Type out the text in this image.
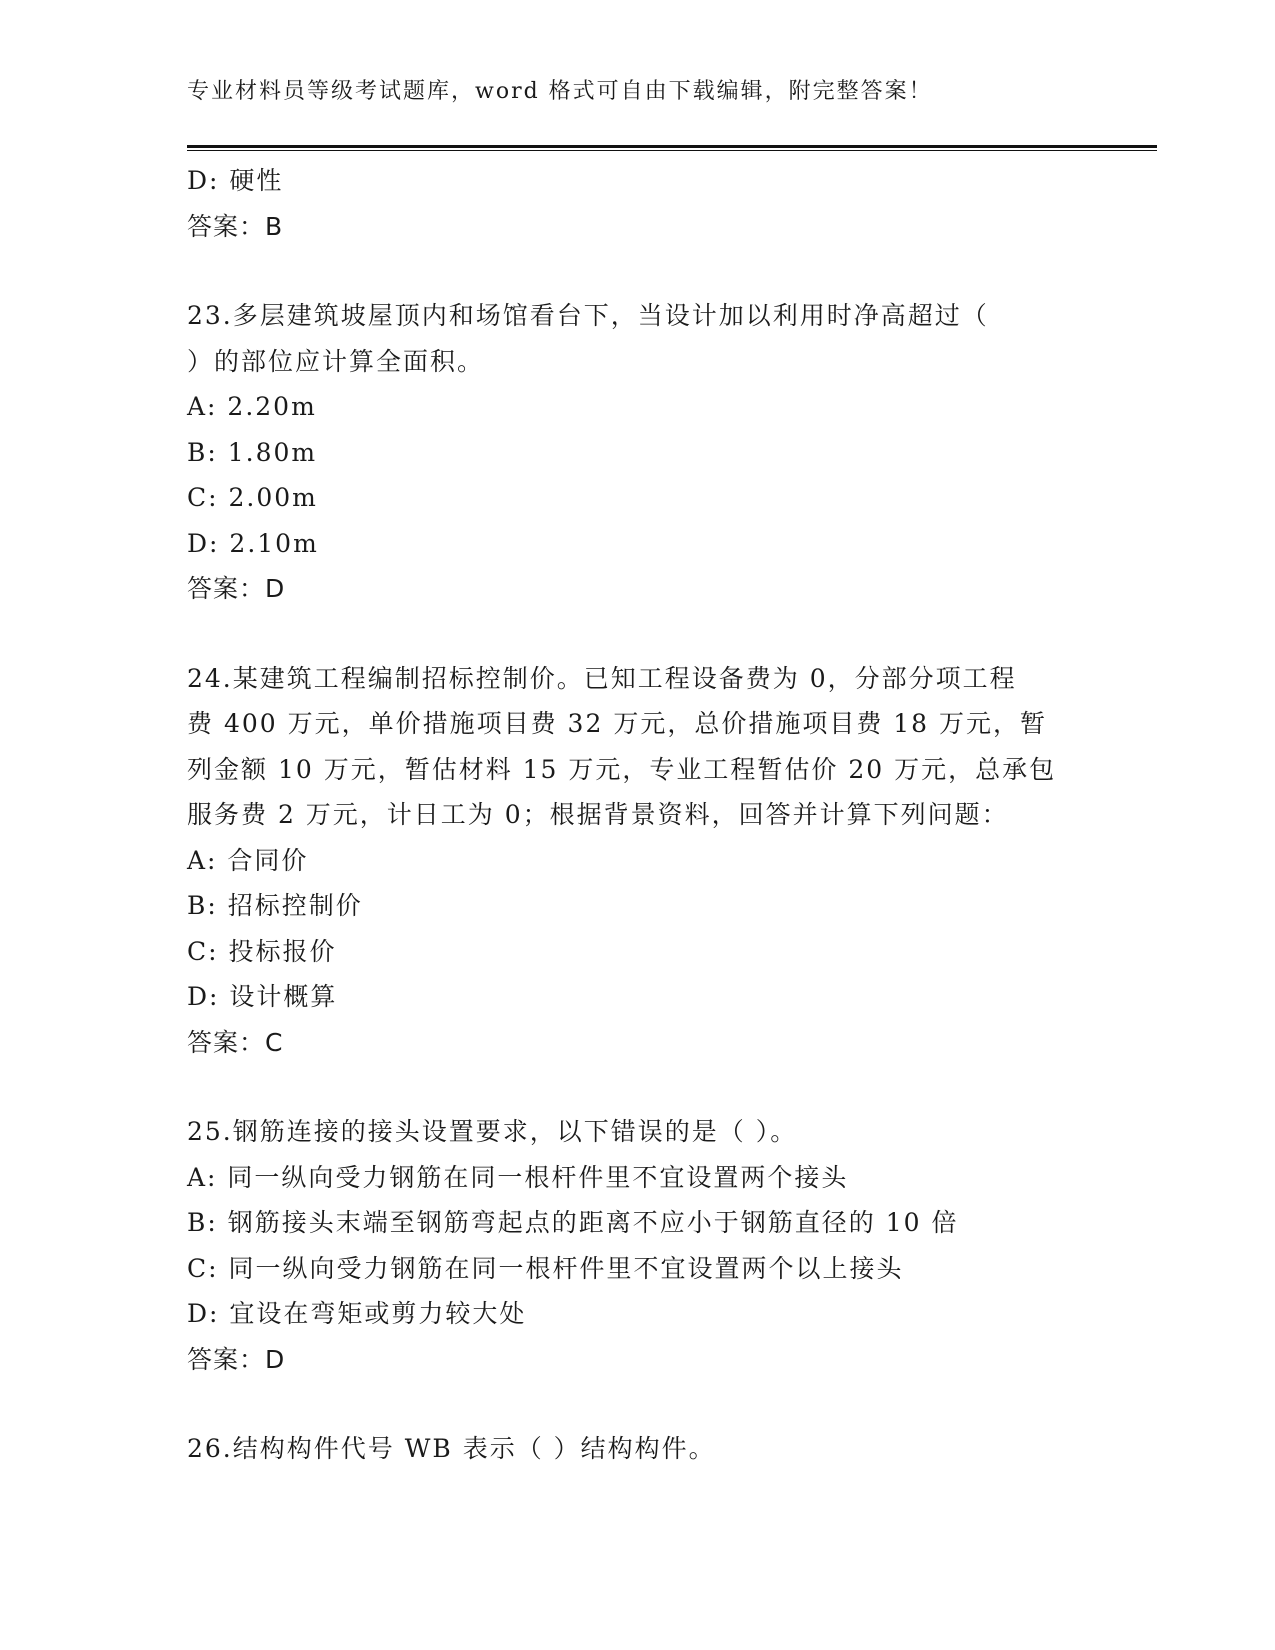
专业材料员等级考试题库，word 格式可自由下载编辑，附完整答案！
D: 硬性
答案：B
23.多层建筑坡屋顶内和场馆看台下，当设计加以利用时净高超过（
）的部位应计算全面积。
A: 2.20m
B: 1.80m
C: 2.00m
D: 2.10m
答案：D
24.某建筑工程编制招标控制价。已知工程设备费为 0，分部分项工程
费 400 万元，单价措施项目费 32 万元，总价措施项目费 18 万元，暂
列金额 10 万元，暂估材料 15 万元，专业工程暂估价 20 万元，总承包
服务费 2 万元，计日工为 0；根据背景资料，回答并计算下列问题：
A: 合同价
B: 招标控制价
C: 投标报价
D: 设计概算
答案：C
25.钢筋连接的接头设置要求，以下错误的是（ ）。
A: 同一纵向受力钢筋在同一根杆件里不宜设置两个接头
B: 钢筋接头末端至钢筋弯起点的距离不应小于钢筋直径的 10 倍
C: 同一纵向受力钢筋在同一根杆件里不宜设置两个以上接头
D: 宜设在弯矩或剪力较大处
答案：D
26.结构构件代号 WB 表示（ ）结构构件。
